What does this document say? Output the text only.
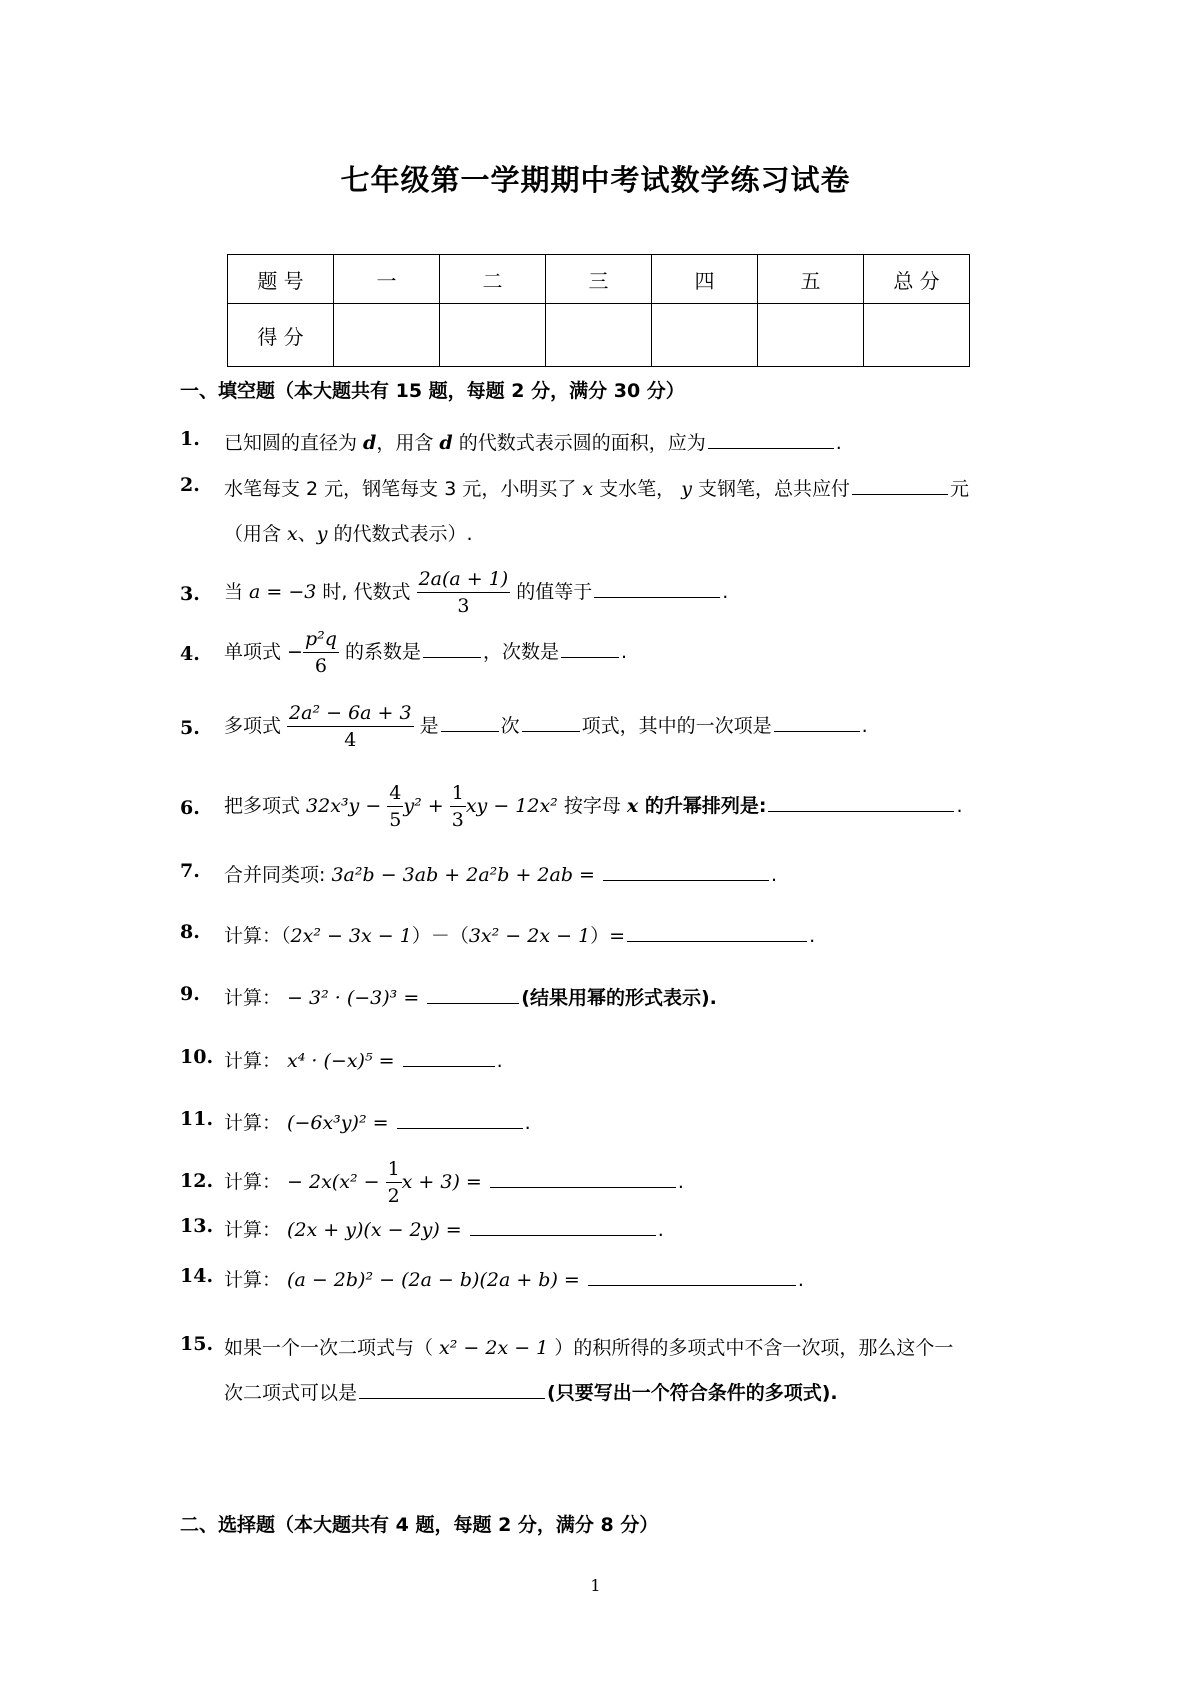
七年级第一学期期中考试数学练习试卷
题 号	一	二	三	四	五	总 分
得 分						
一、填空题（本大题共有 15 题，每题 2 分，满分 30 分）
1.	已知圆的直径为 d，用含 d 的代数式表示圆的面积，应为	.
2.	水笔每支 2 元，钢笔每支 3 元，小明买了 x 支水笔， y 支钢笔，总共应付	元
（用含 x、y 的代数式表示）.
3.	当 a = −3 时, 代数式 $\frac{2a(a + 1)}{3}$ 的值等于	.
4.	单项式 − $\frac{\text{p²q}}{6}$ 的系数是	，次数是	.
5.	多项式 $\frac{\text{2a² − 6a + 3}}{4}$ 是	次	项式，其中的一次项是	.
6.	把多项式 $32x^3y - \frac{4}{5} y^2 + \frac{1}{3}$ xy − 12x² 按字母 x 的升幂排列是:	.
7.	合并同类项: 3a²b − 3ab + 2a²b + 2ab =	.
8.	计算：（2x² − 3x − 1）－（3x² − 2x − 1）=	.
9.	计算： − 3² · (−3)³ =	(结果用幂的形式表示).
10. 计算： x⁴ · (−x)⁵ =	.
11. 计算： (−6x³y)² =	.
12. 计算： − $2x(x^2 - \frac{1}{2}$ x + 3) =	.
13. 计算： (2x + y)(x − 2y) =	.
14. 计算： (a − 2b)² − (2a − b)(2a + b) =	.
15. 如果一个一次二项式与（ x² − 2x − 1 ）的积所得的多项式中不含一次项，那么这个一
次二项式可以是	(只要写出一个符合条件的多项式).
二、选择题（本大题共有 4 题，每题 2 分，满分 8 分）
1
